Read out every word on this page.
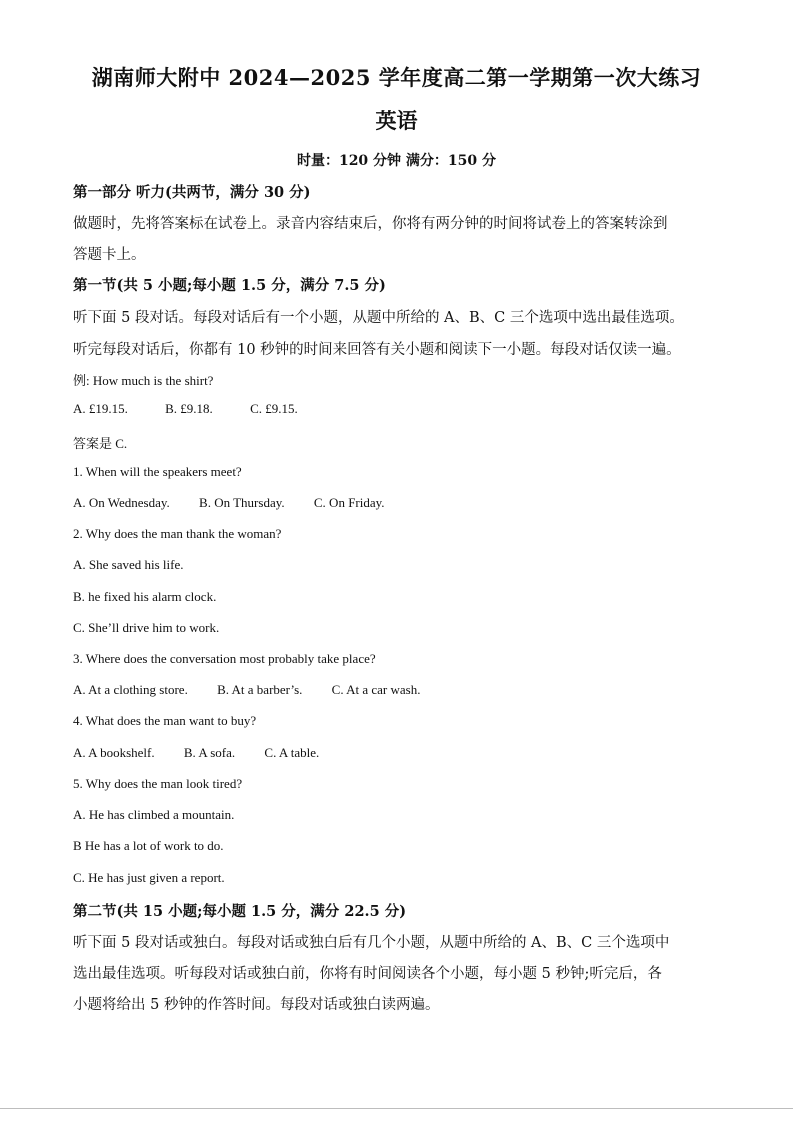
湖南师大附中 2024—2025 学年度高二第一学期第一次大练习
英语
时量：120 分钟 满分：150 分
第一部分 听力(共两节，满分 30 分)
做题时，先将答案标在试卷上。录音内容结束后，你将有两分钟的时间将试卷上的答案转涂到
答题卡上。
第一节(共 5 小题;每小题 1.5 分，满分 7.5 分)
听下面 5 段对话。每段对话后有一个小题，从题中所给的 A、B、C 三个选项中选出最佳选项。
听完每段对话后，你都有 10 秒钟的时间来回答有关小题和阅读下一小题。每段对话仅读一遍。
例: How much is the shirt?
A. £19.15.	B. £9.18.	C. £9.15.
答案是 C.
1. When will the speakers meet?
A. On Wednesday. B. On Thursday. C. On Friday.
2. Why does the man thank the woman?
A. She saved his life.
B. he fixed his alarm clock.
C. She’ll drive him to work.
3. Where does the conversation most probably take place?
A. At a clothing store. B. At a barber’s. C. At a car wash.
4. What does the man want to buy?
A. A bookshelf. B. A sofa. C. A table.
5. Why does the man look tired?
A. He has climbed a mountain.
B He has a lot of work to do.
C. He has just given a report.
第二节(共 15 小题;每小题 1.5 分，满分 22.5 分)
听下面 5 段对话或独白。每段对话或独白后有几个小题，从题中所给的 A、B、C 三个选项中
选出最佳选项。听每段对话或独白前，你将有时间阅读各个小题，每小题 5 秒钟;听完后，各
小题将给出 5 秒钟的作答时间。每段对话或独白读两遍。
